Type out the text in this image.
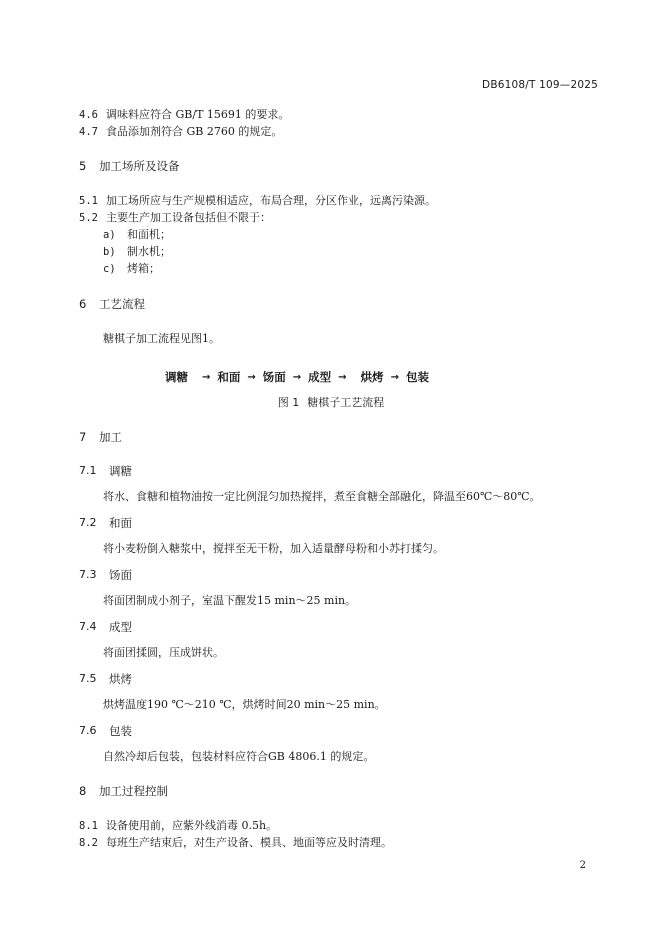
DB6108/T 109—2025
4.6 调味料应符合 GB/T 15691 的要求。
4.7 食品添加剂符合 GB 2760 的规定。
5	加工场所及设备
5.1 加工场所应与生产规模相适应，布局合理，分区作业，远离污染源。
5.2 主要生产加工设备包括但不限于：
a)	和面机；
b)	制水机；
c)	烤箱；
6	工艺流程
糖棋子加工流程见图1。
调糖 → 和面 → 饧面 → 成型 → 烘烤 → 包装
图 1 糖棋子工艺流程
7	加工
7.1	调糖
将水、食糖和植物油按一定比例混匀加热搅拌，煮至食糖全部融化，降温至60℃～80℃。
7.2	和面
将小麦粉倒入糖浆中，搅拌至无干粉，加入适量酵母粉和小苏打揉匀。
7.3	饧面
将面团制成小剂子，室温下醒发15 min～25 min。
7.4	成型
将面团揉圆，压成饼状。
7.5	烘烤
烘烤温度190 ℃～210 ℃，烘烤时间20 min～25 min。
7.6	包装
自然冷却后包装，包装材料应符合GB 4806.1 的规定。
8	加工过程控制
8.1 设备使用前，应紫外线消毒 0.5h。
8.2 每班生产结束后，对生产设备、模具、地面等应及时清理。
2
